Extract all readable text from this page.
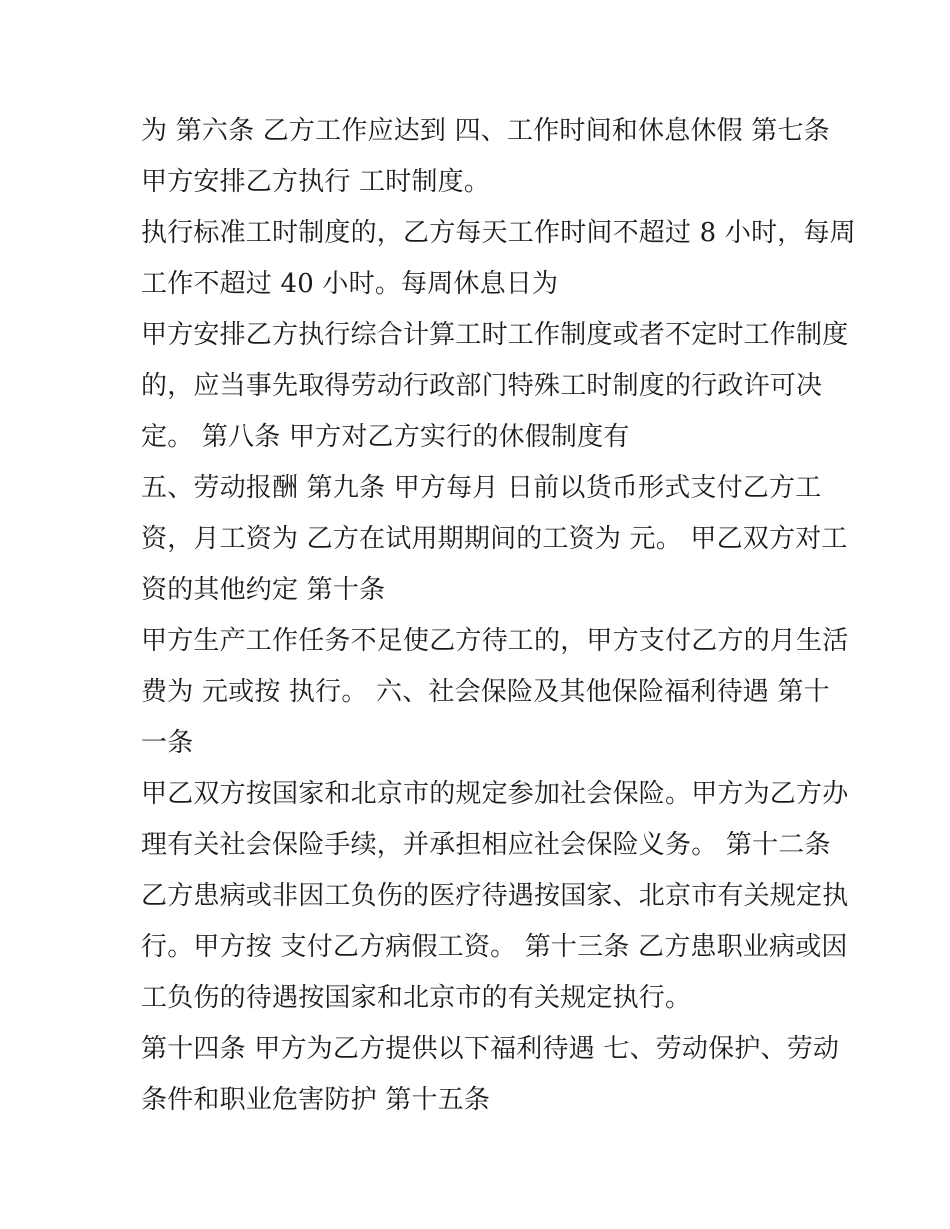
为 第六条 乙方工作应达到 四、工作时间和休息休假 第七条
甲方安排乙方执行 工时制度。
执行标准工时制度的，乙方每天工作时间不超过 8 小时，每周
工作不超过 40 小时。每周休息日为
甲方安排乙方执行综合计算工时工作制度或者不定时工作制度
的，应当事先取得劳动行政部门特殊工时制度的行政许可决
定。 第八条 甲方对乙方实行的休假制度有
五、劳动报酬 第九条 甲方每月 日前以货币形式支付乙方工
资，月工资为 乙方在试用期期间的工资为 元。 甲乙双方对工
资的其他约定 第十条
甲方生产工作任务不足使乙方待工的，甲方支付乙方的月生活
费为 元或按 执行。 六、社会保险及其他保险福利待遇 第十
一条
甲乙双方按国家和北京市的规定参加社会保险。甲方为乙方办
理有关社会保险手续，并承担相应社会保险义务。 第十二条
乙方患病或非因工负伤的医疗待遇按国家、北京市有关规定执
行。甲方按 支付乙方病假工资。 第十三条 乙方患职业病或因
工负伤的待遇按国家和北京市的有关规定执行。
第十四条 甲方为乙方提供以下福利待遇 七、劳动保护、劳动
条件和职业危害防护 第十五条
